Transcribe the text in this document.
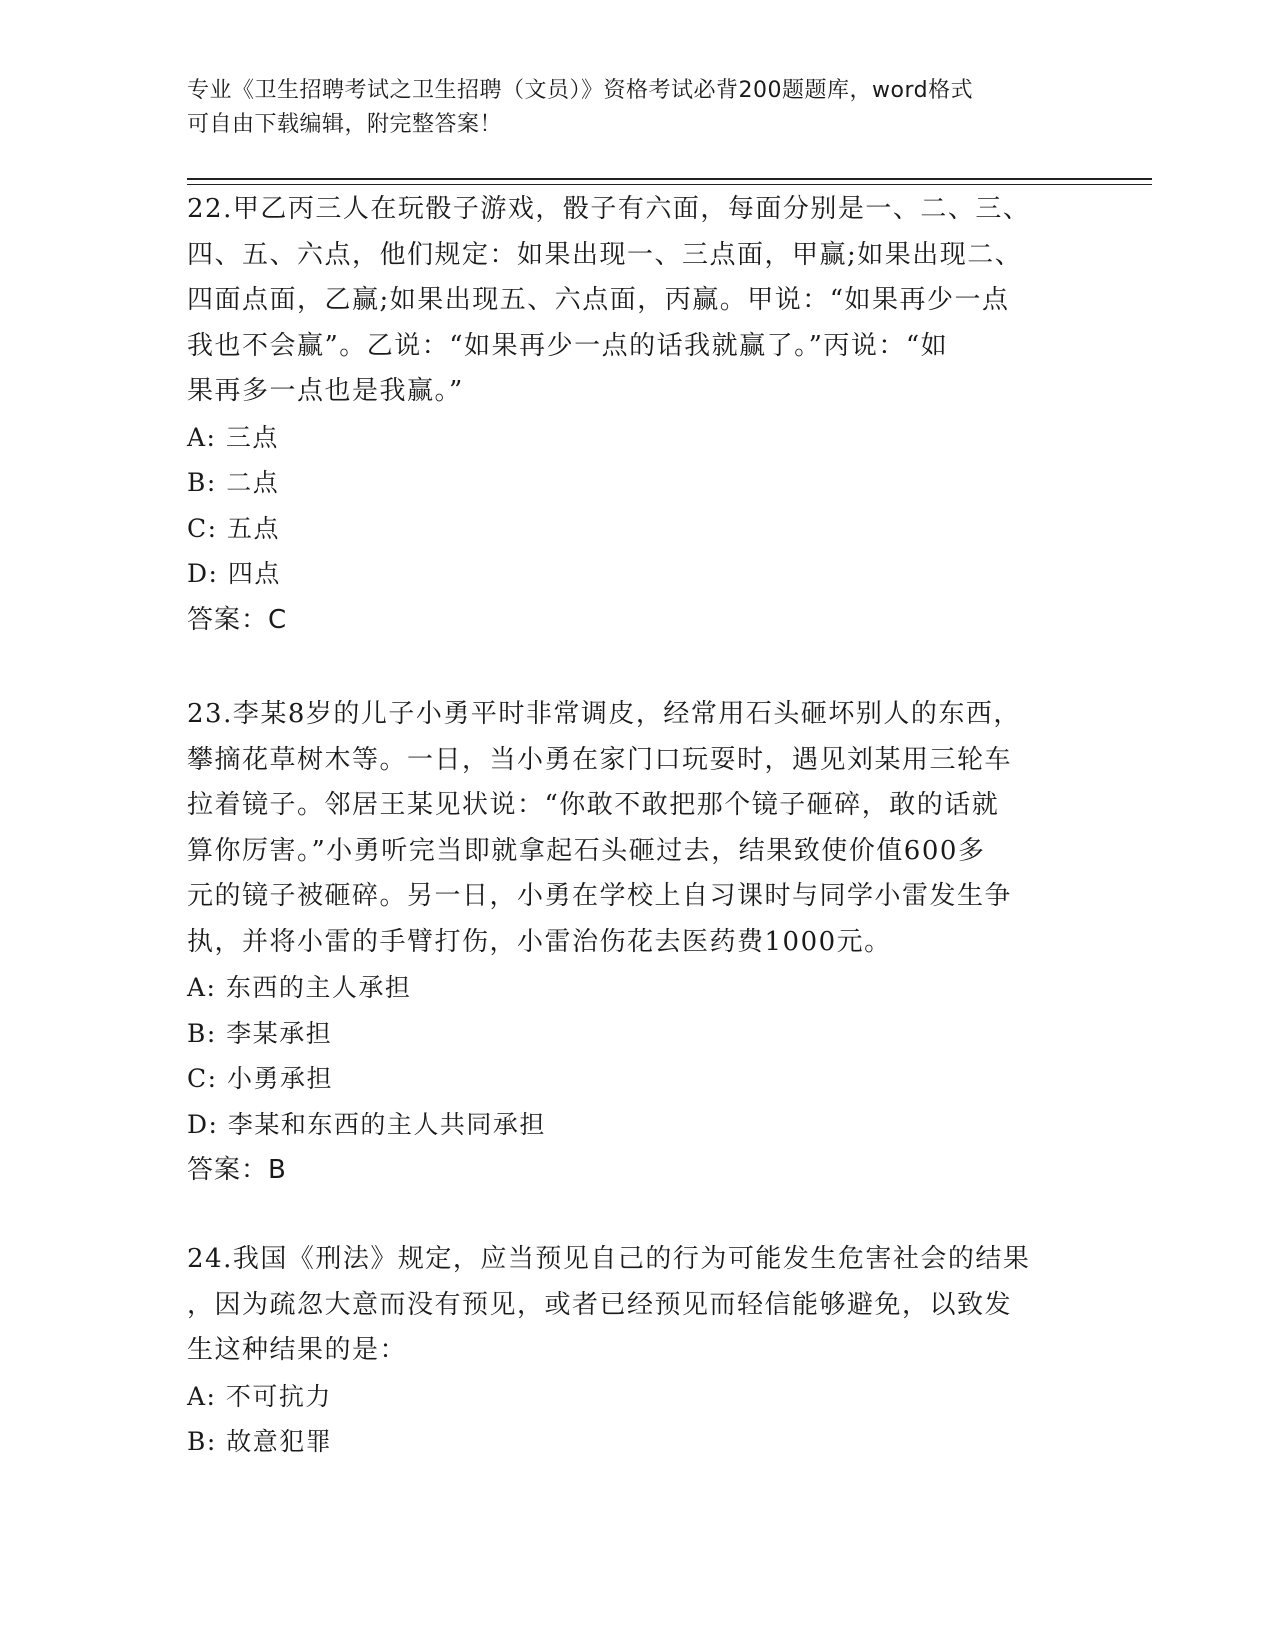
专业《卫生招聘考试之卫生招聘（文员）》资格考试必背200题题库，word格式
可自由下载编辑，附完整答案！

22.甲乙丙三人在玩骰子游戏，骰子有六面，每面分别是一、二、三、

四、五、六点，他们规定：如果出现一、三点面，甲赢;如果出现二、

四面点面，乙赢;如果出现五、六点面，丙赢。甲说：“如果再少一点

我也不会赢”。乙说：“如果再少一点的话我就赢了。”丙说：“如

果再多一点也是我赢。”

A: 三点

B: 二点

C: 五点

D: 四点

答案：C

23.李某8岁的儿子小勇平时非常调皮，经常用石头砸坏别人的东西，

攀摘花草树木等。一日，当小勇在家门口玩耍时，遇见刘某用三轮车

拉着镜子。邻居王某见状说：“你敢不敢把那个镜子砸碎，敢的话就

算你厉害。”小勇听完当即就拿起石头砸过去，结果致使价值600多

元的镜子被砸碎。另一日，小勇在学校上自习课时与同学小雷发生争

执，并将小雷的手臂打伤，小雷治伤花去医药费1000元。

A: 东西的主人承担

B: 李某承担

C: 小勇承担

D: 李某和东西的主人共同承担

答案：B

24.我国《刑法》规定，应当预见自己的行为可能发生危害社会的结果

，因为疏忽大意而没有预见，或者已经预见而轻信能够避免，以致发

生这种结果的是：

A: 不可抗力

B: 故意犯罪
